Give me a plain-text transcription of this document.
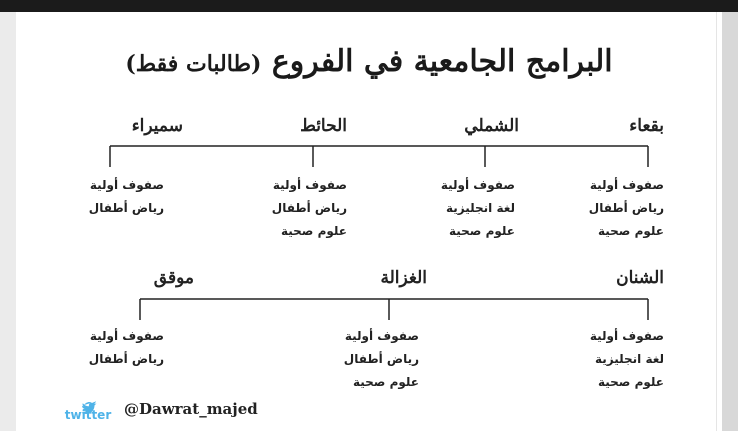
البرامج الجامعية في الفروع (طالبات فقط)
بقعاء
الشملي
الحائط
سميراء
صفوف أولية
رياض أطفال
علوم صحية
صفوف أولية
لغة انجليزية
علوم صحية
صفوف أولية
رياض أطفال
علوم صحية
صفوف أولية
رياض أطفال
الشنان
الغزالة
موقق
صفوف أولية
لغة انجليزية
علوم صحية
صفوف أولية
رياض أطفال
علوم صحية
صفوف أولية
رياض أطفال
twitter @Dawrat_majed
